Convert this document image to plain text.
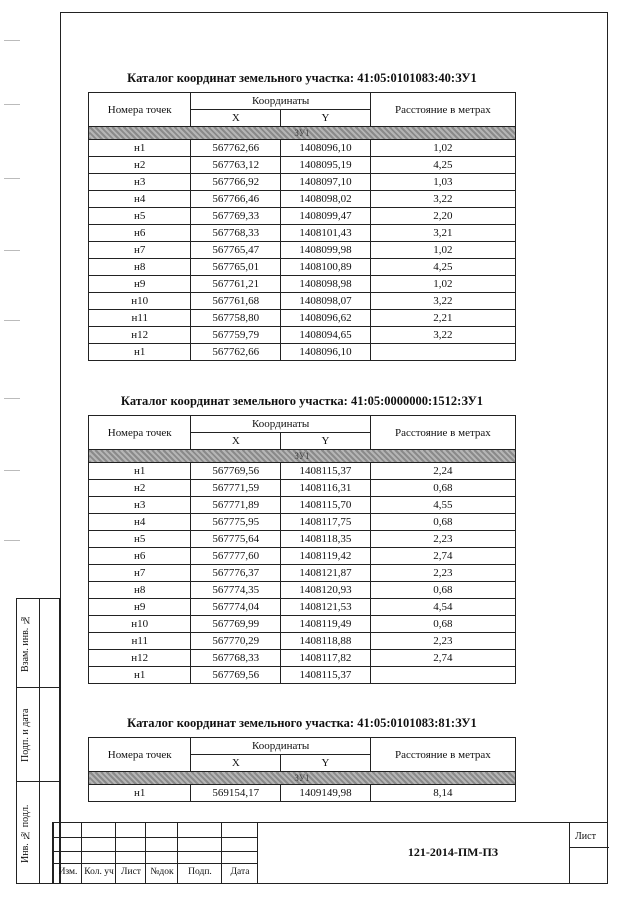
Взам. инв. №
Подп. и дата
Инв. № подл.
Каталог координат земельного участка: 41:05:0101083:40:ЗУ1
Номера точек	Координаты		Расстояние в метрах
	X	Y	
ЗУ1			
н1	567762,66	1408096,10	1,02
н2	567763,12	1408095,19	4,25
н3	567766,92	1408097,10	1,03
н4	567766,46	1408098,02	3,22
н5	567769,33	1408099,47	2,20
н6	567768,33	1408101,43	3,21
н7	567765,47	1408099,98	1,02
н8	567765,01	1408100,89	4,25
н9	567761,21	1408098,98	1,02
н10	567761,68	1408098,07	3,22
н11	567758,80	1408096,62	2,21
н12	567759,79	1408094,65	3,22
н1	567762,66	1408096,10	
Каталог координат земельного участка: 41:05:0000000:1512:ЗУ1
Номера точек	Координаты		Расстояние в метрах
	X	Y	
ЗУ1			
н1	567769,56	1408115,37	2,24
н2	567771,59	1408116,31	0,68
н3	567771,89	1408115,70	4,55
н4	567775,95	1408117,75	0,68
н5	567775,64	1408118,35	2,23
н6	567777,60	1408119,42	2,74
н7	567776,37	1408121,87	2,23
н8	567774,35	1408120,93	0,68
н9	567774,04	1408121,53	4,54
н10	567769,99	1408119,49	0,68
н11	567770,29	1408118,88	2,23
н12	567768,33	1408117,82	2,74
н1	567769,56	1408115,37	
Каталог координат земельного участка: 41:05:0101083:81:ЗУ1
Номера точек	Координаты		Расстояние в метрах
	X	Y	
ЗУ1			
н1	569154,17	1409149,98	8,14
Изм. Кол. уч Лист №док	Подп.	Дата
121-2014-ПМ-ПЗ
Лист
